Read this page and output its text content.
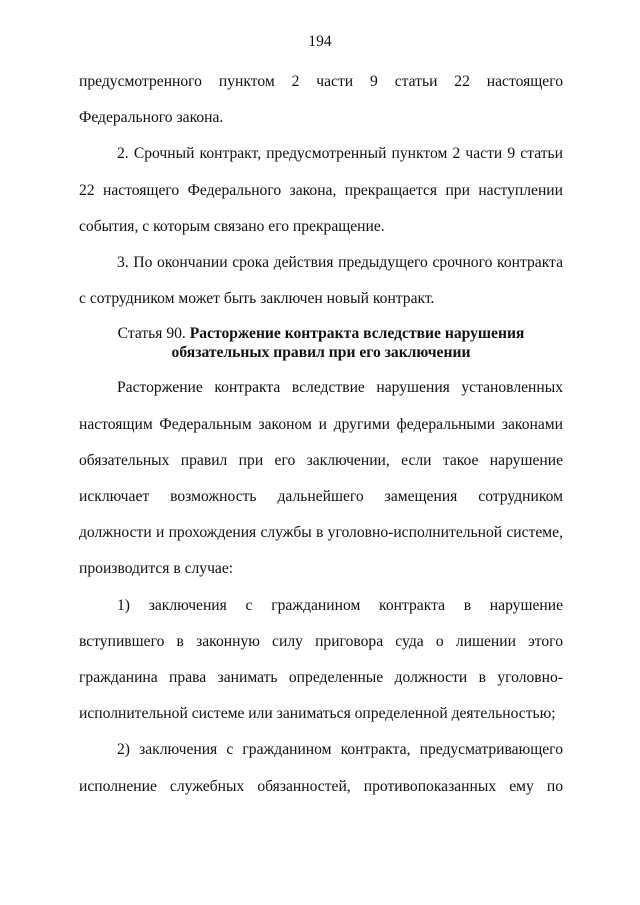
194

предусмотренного пунктом 2 части 9 статьи 22 настоящего Федерального закона.

2. Срочный контракт, предусмотренный пунктом 2 части 9 статьи 22 настоящего Федерального закона, прекращается при наступлении события, с которым связано его прекращение.

3. По окончании срока действия предыдущего срочного контракта с сотрудником может быть заключен новый контракт.

Статья 90. Расторжение контракта вследствие нарушения
обязательных правил при его заключении

Расторжение контракта вследствие нарушения установленных настоящим Федеральным законом и другими федеральными законами обязательных правил при его заключении, если такое нарушение исключает возможность дальнейшего замещения сотрудником должности и прохождения службы в уголовно-исполнительной системе, производится в случае:

1) заключения с гражданином контракта в нарушение вступившего в законную силу приговора суда о лишении этого гражданина права занимать определенные должности в уголовно-исполнительной системе или заниматься определенной деятельностью;

2) заключения с гражданином контракта, предусматривающего исполнение служебных обязанностей, противопоказанных ему по
